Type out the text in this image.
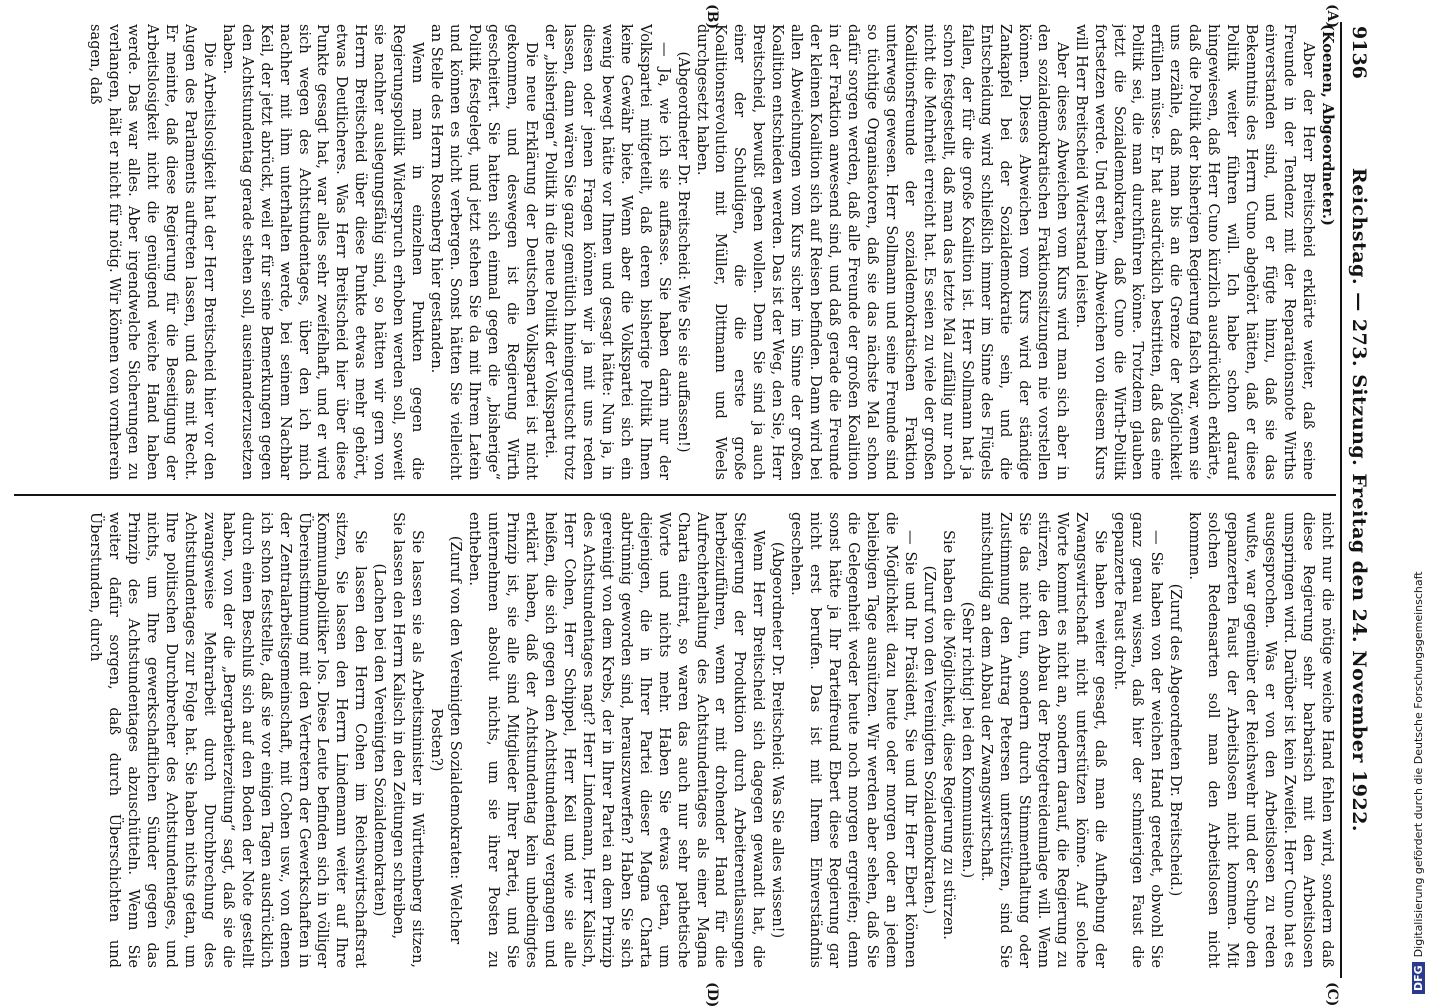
9136
Reichstag. — 273. Sitzung. Freitag den 24. November 1922.
(A)
(B)
(C)
(D)

(Koenen, Abgeordneter.)

Aber der Herr Breitscheid erklärte weiter, daß seine Freunde in der Tendenz mit der Reparationsnote Wirths einverstanden sind, und er fügte hinzu, daß sie das Bekenntnis des Herrn Cuno abgehört hätten, daß er diese Politik weiter führen will. Ich habe schon darauf hingewiesen, daß Herr Cuno kürzlich ausdrücklich erklärte, daß die Politik der bisherigen Regierung falsch war, wenn sie uns erzähle, daß man bis an die Grenze der Möglichkeit erfüllen müsse. Er hat ausdrücklich bestritten, daß das eine Politik sei, die man durchführen könne. Trotzdem glauben jetzt die Sozialdemokraten, daß Cuno die Wirth-Politik fortsetzen werde. Und erst beim Abweichen von diesem Kurs will Herr Breitscheid Widerstand leisten.

Aber dieses Abweichen vom Kurs wird man sich aber in den sozialdemokratischen Fraktionssitzungen nie vorstellen können. Dieses Abweichen vom Kurs wird der ständige Zankapfel bei der Sozialdemokratie sein, und die Entscheidung wird schließlich immer im Sinne des Flügels fallen, der für die große Koalition ist. Herr Sollmann hat ja schon festgestellt, daß man das letzte Mal zufällig nur noch nicht die Mehrheit erreicht hat. Es seien zu viele der großen Koalitionsfreunde der sozialdemokratischen Fraktion unterwegs gewesen. Herr Sollmann und seine Freunde sind so tüchtige Organisatoren, daß sie das nächste Mal schon dafür sorgen werden, daß alle Freunde der großen Koalition in der Fraktion anwesend sind, und daß gerade die Freunde der kleinen Koalition sich auf Reisen befinden. Dann wird bei allen Abweichungen vom Kurs sicher im Sinne der großen Koalition entschieden werden. Das ist der Weg, den Sie, Herr Breitscheid, bewußt gehen wollen. Denn Sie sind ja auch einer der Schuldigen, die die erste große Koalitionsrevolution mit Müller, Dittmann und Weels durchgesetzt haben.

(Abgeordneter Dr. Breitscheid: Wie Sie sie auffassen!)

— Ja, wie ich sie auffasse. Sie haben darin nur der Volkspartei mitgeteilt, daß deren bisherige Politik Ihnen keine Gewähr biete. Wenn aber die Volkspartei sich ein wenig bewegt hätte vor Ihnen und gesagt hätte: Nun ja, in diesen oder jenen Fragen können wir ja mit uns reden lassen, dann wären Sie ganz gemütlich hineingerutscht trotz der „bisherigen“ Politik in die neue Politik der Volkspartei.

Die neue Erklärung der Deutschen Volkspartei ist nicht gekommen, und deswegen ist die Regierung Wirth gescheitert. Sie hatten sich einmal gegen die „bisherige“ Politik festgelegt, und jetzt stehen Sie da mit Ihrem Latein und können es nicht verbergen. Sonst hätten Sie vielleicht an Stelle des Herrn Rosenberg hier gestanden.

Wenn man in einzelnen Punkten gegen die Regierungspolitik Widerspruch erhoben werden soll, soweit sie nachher auslegungsfähig sind, so hätten wir gern von Herrn Breitscheid über diese Punkte etwas mehr gehört, etwas Deutlicheres. Was Herr Breitscheid hier über diese Punkte gesagt hat, war alles sehr zweifelhaft, und er wird sich wegen des Achtstundentages, über den ich mich nachher mit ihm unterhalten werde, bei seinem Nachbar Keil, der jetzt abrückt, weil er für seine Bemerkungen gegen den Achtstundentag gerade stehen soll, auseinanderzusetzen haben.

Die Arbeitslosigkeit hat der Herr Breitscheid hier vor den Augen des Parlaments auftreten lassen, und das mit Recht. Er meinte, daß diese Regierung für die Beseitigung der Arbeitslosigkeit nicht die genügend weiche Hand haben werde. Das war alles. Aber irgendwelche Sicherungen zu verlangen, hält er nicht für nötig. Wir können von vornherein sagen, daß

nicht nur die nötige weiche Hand fehlen wird, sondern daß diese Regierung sehr barbarisch mit den Arbeitslosen umspringen wird. Darüber ist kein Zweifel. Herr Cuno hat es ausgesprochen. Was er von den Arbeitslosen zu reden wußte, war gegenüber der Reichswehr und der Schupo den gepanzerten Faust der Arbeitslosen nicht kommen. Mit solchen Redensarten soll man den Arbeitslosen nicht kommen.

(Zuruf des Abgeordneten Dr. Breitscheid.)

— Sie haben von der weichen Hand geredet, obwohl Sie ganz genau wissen, daß hier der schmierigen Faust die gepanzerte Faust droht.

Sie haben weiter gesagt, daß man die Aufhebung der Zwangswirtschaft nicht unterstützen könne. Auf solche Worte kommt es nicht an, sondern darauf, die Regierung zu stürzen, die den Abbau der Brotgetreideumlage will. Wenn Sie das nicht tun, sondern durch Stimmenthaltung oder Zustimmung den Antrag Petersen unterstützen, sind Sie mitschuldig an dem Abbau der Zwangswirtschaft.

(Sehr richtig! bei den Kommunisten.)

Sie haben die Möglichkeit, diese Regierung zu stürzen.

(Zuruf von den Vereinigten Sozialdemokraten.)

— Sie und Ihr Präsident, Sie und Ihr Herr Ebert können die Möglichkeit dazu heute oder morgen oder an jedem beliebigen Tage ausnützen. Wir werden aber sehen, daß Sie die Gelegenheit weder heute noch morgen ergreifen; denn sonst hätte ja Ihr Parteifreund Ebert diese Regierung gar nicht erst berufen. Das ist mit Ihrem Einverständnis geschehen.

(Abgeordneter Dr. Breitscheid: Was Sie alles wissen!)

Wenn Herr Breitscheid sich dagegen gewandt hat, die Steigerung der Produktion durch Arbeiterentlassungen herbeizuführen, wenn er mit drohender Hand für die Aufrechterhaltung des Achtstundentages als einer Magna Charta eintrat, so waren das auch nur sehr pathetische Worte und nichts mehr. Haben Sie etwas getan, um diejenigen, die in Ihrer Partei dieser Magna Charta abtrünnig geworden sind, herauszuwerfen? Haben Sie sich gereinigt von dem Krebs, der in Ihrer Partei an dem Prinzip des Achtstundentages nagt? Herr Lindemann, Herr Kalisch, Herr Cohen, Herr Schippel, Herr Keil und wie sie alle heißen, die sich gegen den Achtstundentag vergangen und erklärt haben, daß der Achtstundentag kein unbedingtes Prinzip ist, sie alle sind Mitglieder Ihrer Partei, und Sie unternehmen absolut nichts, um sie ihrer Posten zu entheben.

(Zuruf von den Vereinigten Sozialdemokraten: Welcher Posten?)

Sie lassen sie als Arbeitsminister in Württemberg sitzen, Sie lassen den Herrn Kalisch in den Zeitungen schreiben,

(Lachen bei den Vereinigten Sozialdemokraten)

Sie lassen den Herrn Cohen im Reichswirtschaftsrat sitzen, Sie lassen den Herrn Lindemann weiter auf Ihre Kommunalpolitiker los. Diese Leute befinden sich in völliger Übereinstimmung mit den Vertretern der Gewerkschaften in der Zentralarbeitsgemeinschaft, mit Cohen usw., von denen ich schon feststellte, daß sie vor einigen Tagen ausdrücklich durch einen Beschluß sich auf den Boden der Note gestellt haben, von der die „Bergarbeiterzeitung“ sagt, daß sie die zwangsweise Mehrarbeit durch Durchbrechung des Achtstundentages zur Folge hat. Sie haben nichts getan, um Ihre politischen Durchbrecher des Achtstundentages, und nichts, um Ihre gewerkschaftlichen Sünder gegen das Prinzip des Achtstundentages abzuschütteln. Wenn Sie weiter dafür sorgen, daß durch Überschichten und Überstunden, durch

DFGDigitalisierung gefördert durch die Deutsche Forschungsgemeinschaft
